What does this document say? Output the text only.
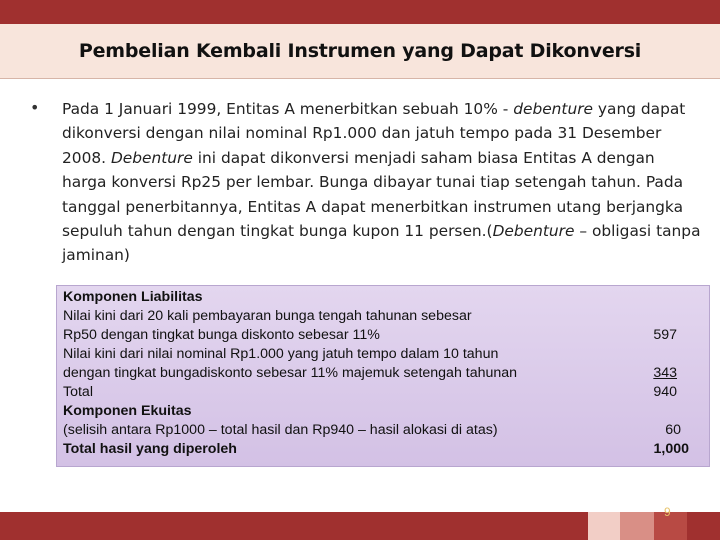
Pembelian Kembali Instrumen yang Dapat Dikonversi
• Pada 1 Januari 1999, Entitas A menerbitkan sebuah 10% - debenture yang dapat dikonversi dengan nilai nominal Rp1.000 dan jatuh tempo pada 31 Desember 2008. Debenture ini dapat dikonversi menjadi saham biasa Entitas A dengan harga konversi Rp25 per lembar. Bunga dibayar tunai tiap setengah tahun. Pada tanggal penerbitannya, Entitas A dapat menerbitkan instrumen utang berjangka sepuluh tahun dengan tingkat bunga kupon 11 persen.(Debenture – obligasi tanpa jaminan)
Komponen Liabilitas
Nilai kini dari 20 kali pembayaran bunga tengah tahunan sebesar
Rp50 dengan tingkat bunga diskonto sebesar 11%	597
Nilai kini dari nilai nominal Rp1.000 yang jatuh tempo dalam 10 tahun
dengan tingkat bungadiskonto sebesar 11% majemuk setengah tahunan	343
Total	940
Komponen Ekuitas
(selisih antara Rp1000 – total hasil dan Rp940 – hasil alokasi di atas)	60
Total hasil yang diperoleh	1,000
9
